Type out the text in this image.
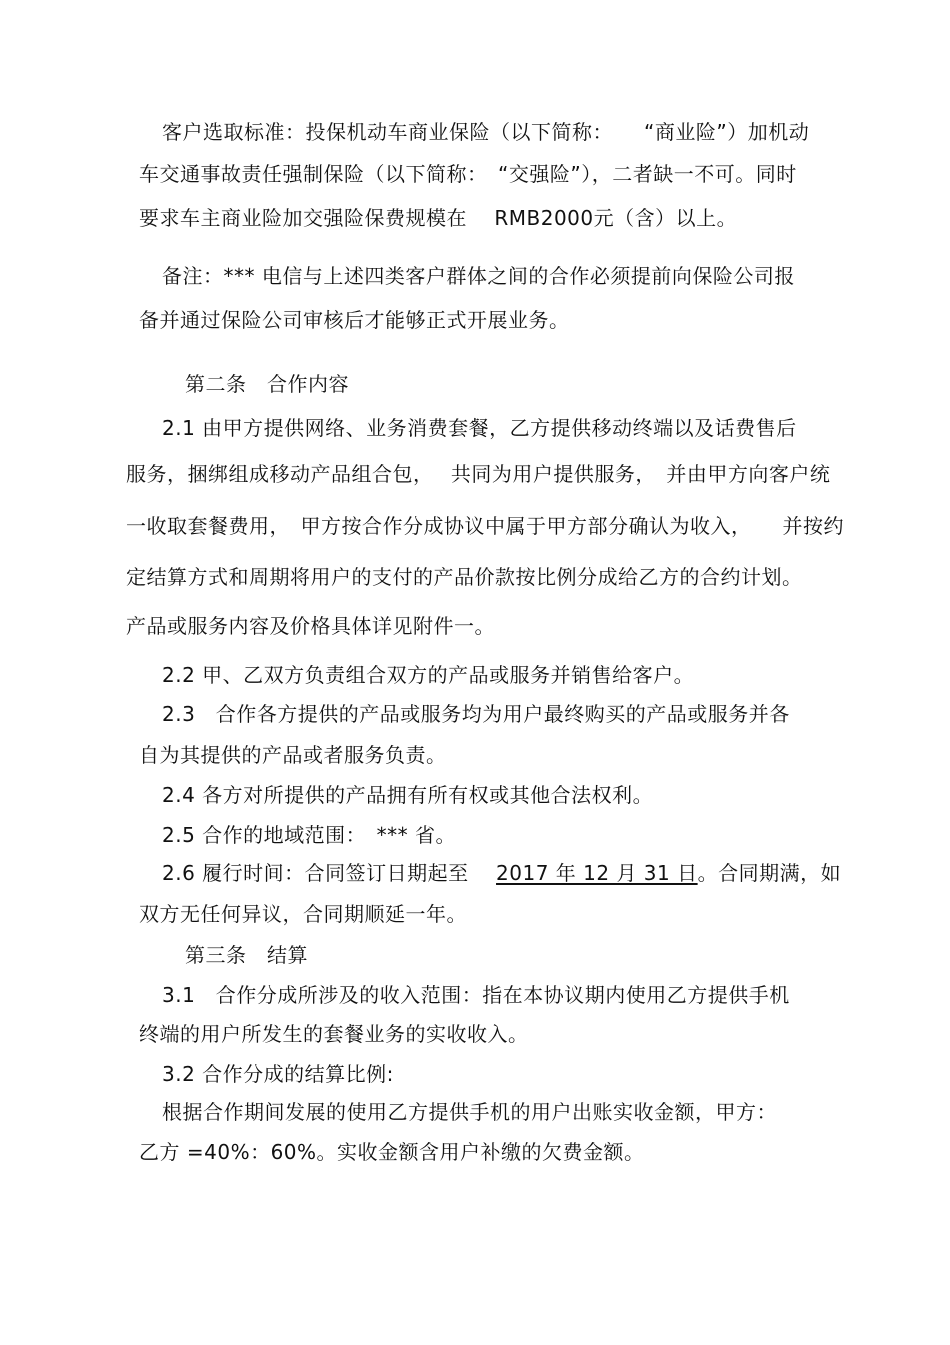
客户选取标准：投保机动车商业保险（以下简称：　　“商业险”）加机动
车交通事故责任强制保险（以下简称：　“交强险”），二者缺一不可。同时
要求车主商业险加交强险保费规模在　 RMB2000元（含）以上。
备注：*** 电信与上述四类客户群体之间的合作必须提前向保险公司报
备并通过保险公司审核后才能够正式开展业务。
第二条　合作内容
2.1 由甲方提供网络、业务消费套餐，乙方提供移动终端以及话费售后
服务，捆绑组成移动产品组合包，　 共同为用户提供服务，　并由甲方向客户统
一收取套餐费用，　甲方按合作分成协议中属于甲方部分确认为收入，　　并按约
定结算方式和周期将用户的支付的产品价款按比例分成给乙方的合约计划。
产品或服务内容及价格具体详见附件一。
2.2 甲、乙双方负责组合双方的产品或服务并销售给客户。
2.3　合作各方提供的产品或服务均为用户最终购买的产品或服务并各
自为其提供的产品或者服务负责。
2.4 各方对所提供的产品拥有所有权或其他合法权利。
2.5 合作的地域范围：　*** 省。
2.6 履行时间：合同签订日期起至　 2017 年 12 月 31 日。合同期满，如
双方无任何异议，合同期顺延一年。
第三条　结算
3.1　合作分成所涉及的收入范围：指在本协议期内使用乙方提供手机
终端的用户所发生的套餐业务的实收收入。
3.2 合作分成的结算比例:
根据合作期间发展的使用乙方提供手机的用户出账实收金额，甲方：
乙方 =40%：60%。实收金额含用户补缴的欠费金额。
